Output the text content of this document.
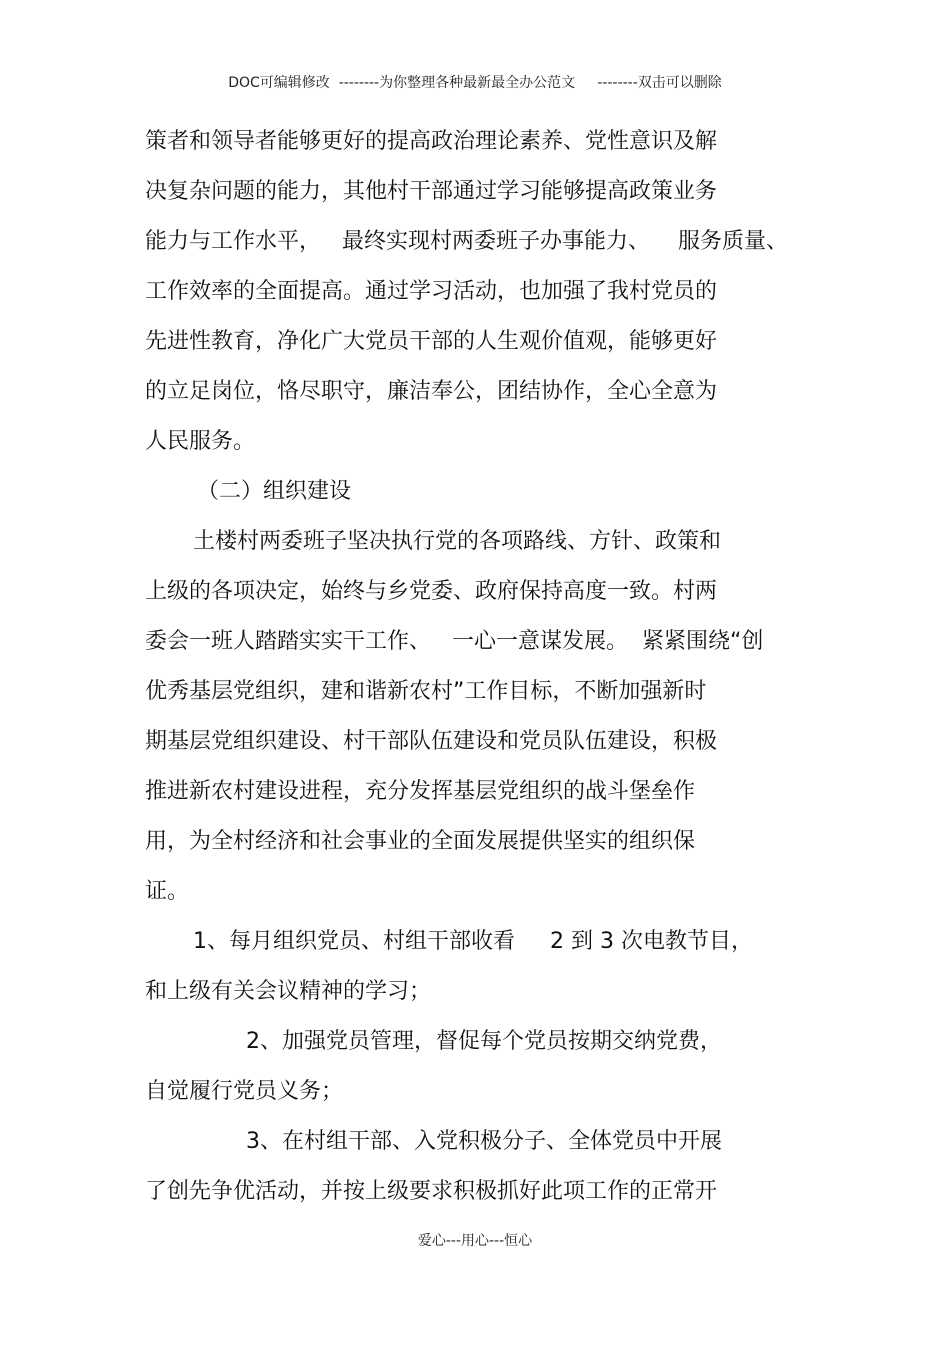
DOC可编辑修改  --------为你整理各种最新最全办公范文     --------双击可以删除
策者和领导者能够更好的提高政治理论素养、党性意识及解
决复杂问题的能力，其他村干部通过学习能够提高政策业务
能力与工作水平，   最终实现村两委班子办事能力、    服务质量、
工作效率的全面提高。通过学习活动，也加强了我村党员的
先进性教育，净化广大党员干部的人生观价值观，能够更好
的立足岗位，恪尽职守，廉洁奉公，团结协作，全心全意为
人民服务。
（二）组织建设
土楼村两委班子坚决执行党的各项路线、方针、政策和
上级的各项决定，始终与乡党委、政府保持高度一致。村两
委会一班人踏踏实实干工作、   一心一意谋发展。  紧紧围绕“创
优秀基层党组织，建和谐新农村”工作目标，不断加强新时
期基层党组织建设、村干部队伍建设和党员队伍建设，积极
推进新农村建设进程，充分发挥基层党组织的战斗堡垒作
用，为全村经济和社会事业的全面发展提供坚实的组织保
证。
1、每月组织党员、村组干部收看     2 到 3 次电教节目，
和上级有关会议精神的学习；
2、加强党员管理，督促每个党员按期交纳党费，
自觉履行党员义务；
3、在村组干部、入党积极分子、全体党员中开展
了创先争优活动，并按上级要求积极抓好此项工作的正常开
爱心---用心---恒心
